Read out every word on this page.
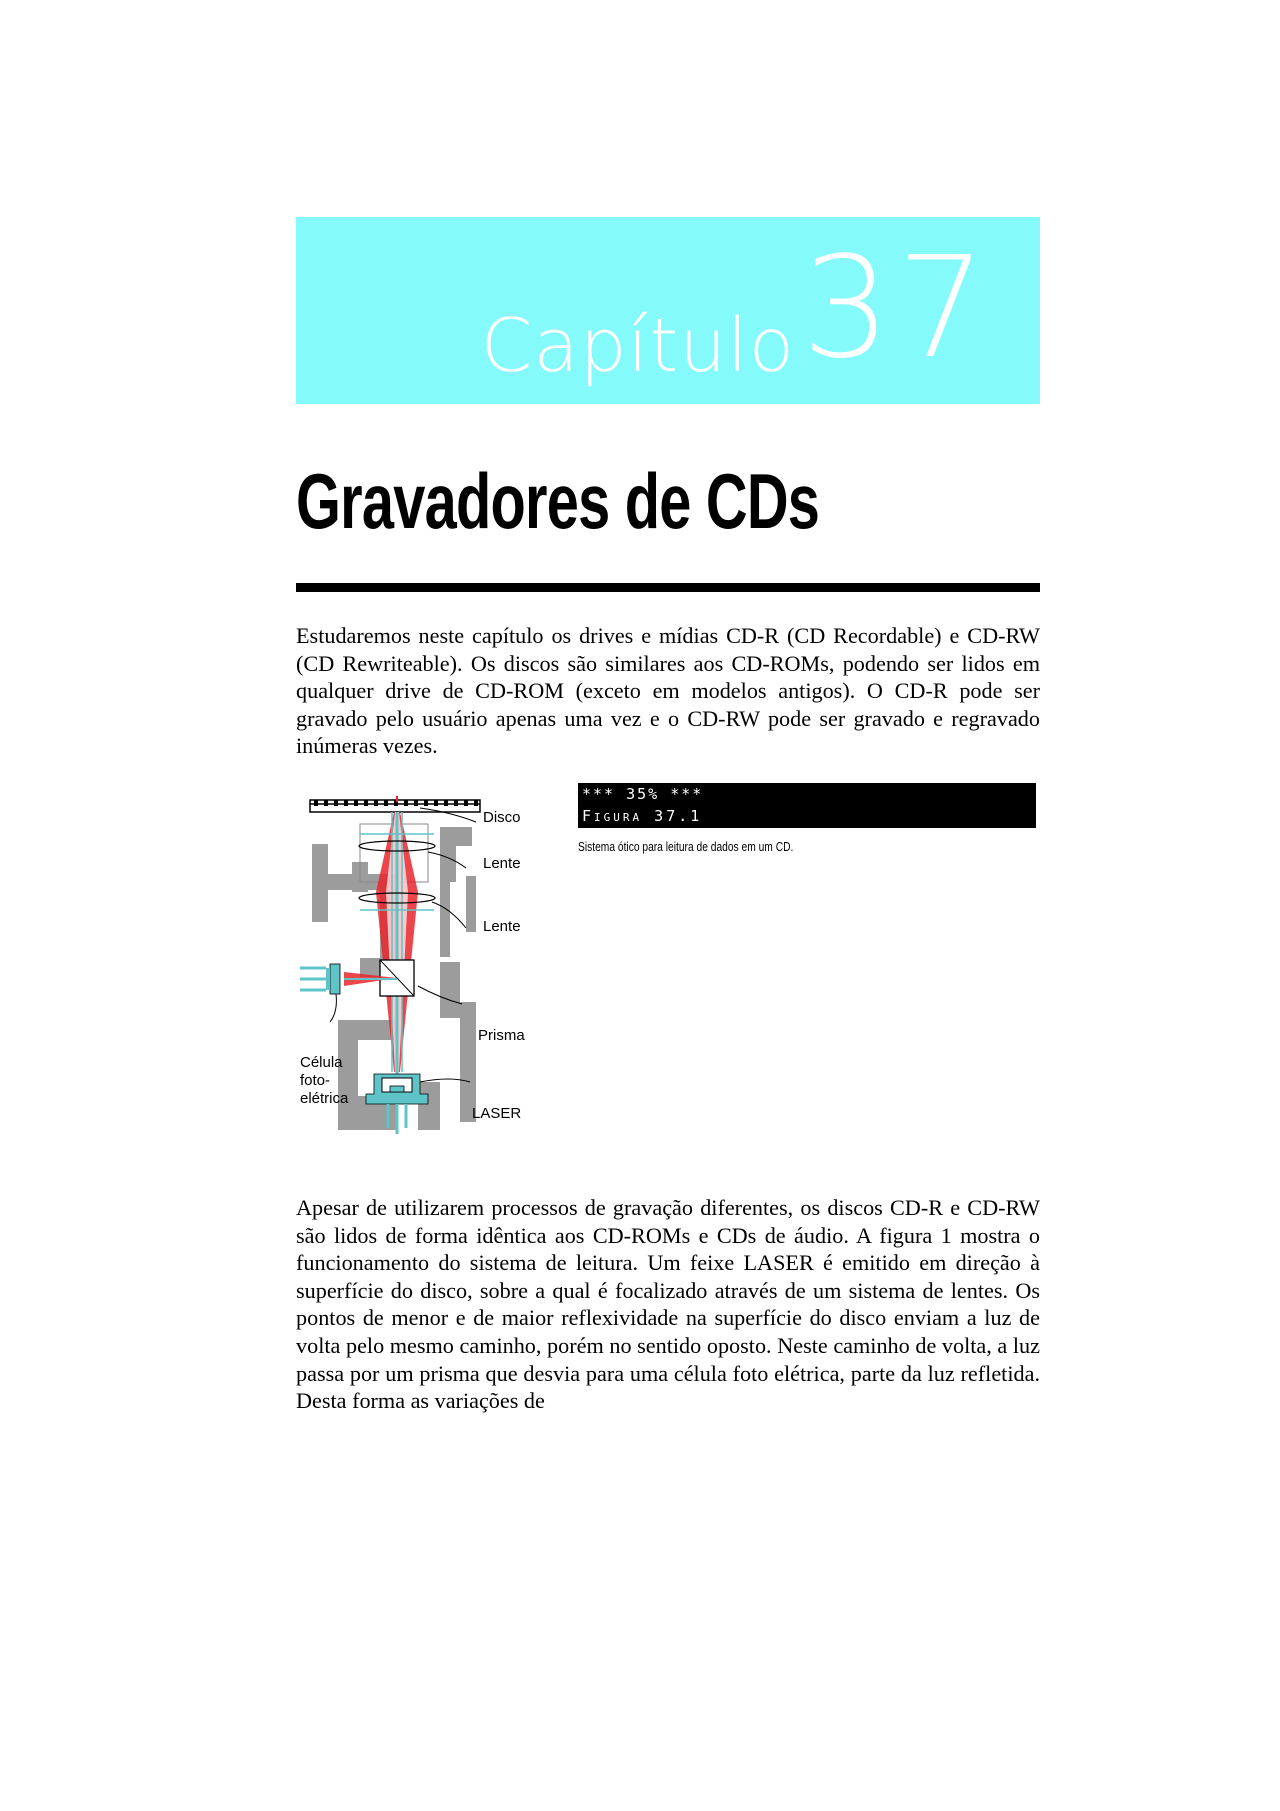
Capítulo 37
Gravadores de CDs

Estudaremos neste capítulo os drives e mídias CD-R (CD Recordable) e CD-RW (CD Rewriteable). Os discos são similares aos CD-ROMs, podendo ser lidos em qualquer drive de CD-ROM (exceto em modelos antigos). O CD-R pode ser gravado pelo usuário apenas uma vez e o CD-RW pode ser gravado e regravado inúmeras vezes.

Disco
Lente
Lente
Prisma
Célula
foto-
elétrica
LASER
*** 35% ***
Figura 37.1
Sistema ótico para leitura de dados em um CD.

Apesar de utilizarem processos de gravação diferentes, os discos CD-R e CD-RW são lidos de forma idêntica aos CD-ROMs e CDs de áudio. A figura 1 mostra o funcionamento do sistema de leitura. Um feixe LASER é emitido em direção à superfície do disco, sobre a qual é focalizado através de um sistema de lentes. Os pontos de menor e de maior reflexividade na superfície do disco enviam a luz de volta pelo mesmo caminho, porém no sentido oposto. Neste caminho de volta, a luz passa por um prisma que desvia para uma célula foto elétrica, parte da luz refletida. Desta forma as variações de
